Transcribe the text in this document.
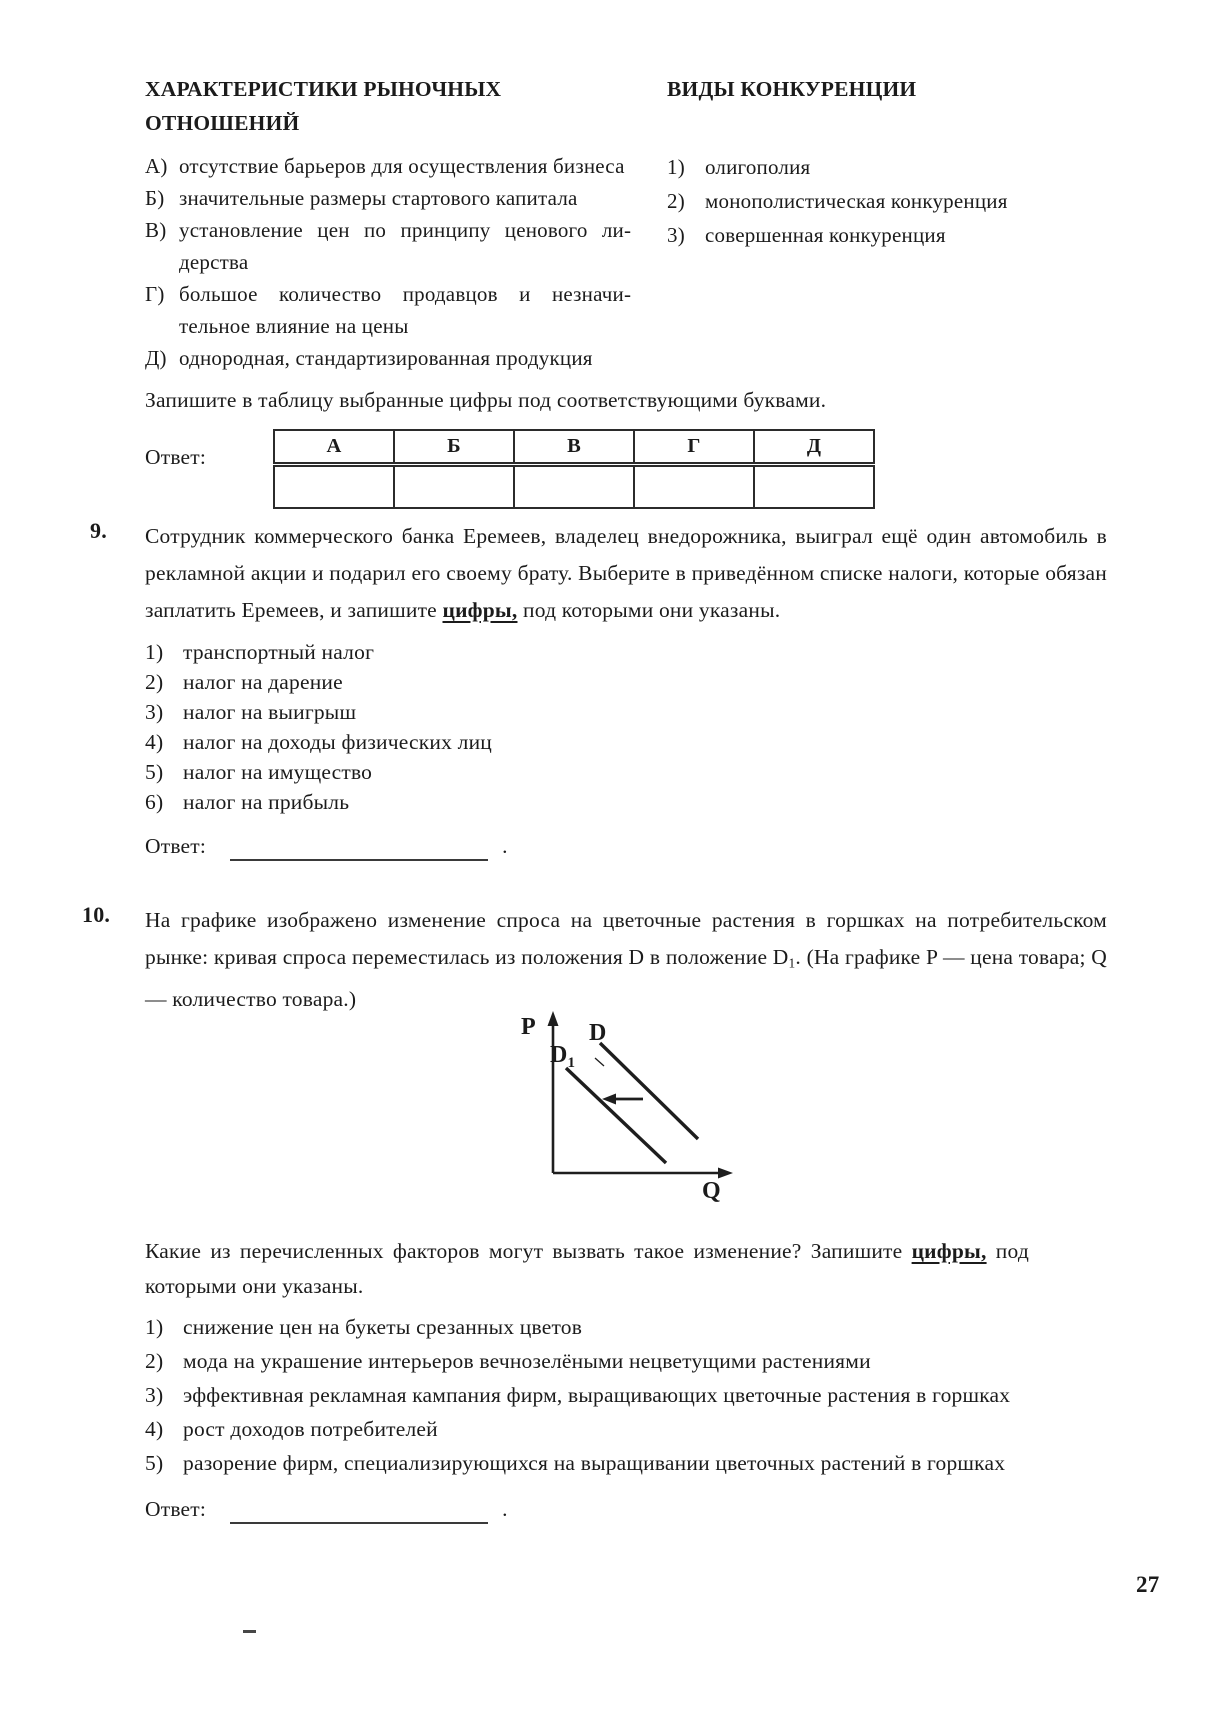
ХАРАКТЕРИСТИКИ РЫНОЧНЫХ ОТНОШЕНИЙ
А) отсутствие барьеров для осуществления бизнеса
Б) значительные размеры стартового капитала
В) установление цен по принципу ценового лидерства
Г) большое количество продавцов и незначительное влияние на цены
Д) однородная, стандартизированная продукция
ВИДЫ КОНКУРЕНЦИИ
1) олигополия
2) монополистическая конкуренция
3) совершенная конкуренция

Запишите в таблицу выбранные цифры под соответствующими буквами.

Ответ:	А	Б	В	Г	Д

9. Сотрудник коммерческого банка Еремеев, владелец внедорожника, выиграл ещё один автомобиль в рекламной акции и подарил его своему брату. Выберите в приведённом списке налоги, которые обязан заплатить Еремеев, и запишите цифры, под которыми они указаны.

1) транспортный налог
2) налог на дарение
3) налог на выигрыш
4) налог на доходы физических лиц
5) налог на имущество
6) налог на прибыль
Ответ:	.
10. На графике изображено изменение спроса на цветочные растения в горшках на потребительском рынке: кривая спроса переместилась из положения D в положение $D_1$. (На графике P — цена товара; Q — количество товара.)

P
Q
D
$D_1$

Какие из перечисленных факторов могут вызвать такое изменение? Запишите цифры, под которыми они указаны.

1) снижение цен на букеты срезанных цветов
2) мода на украшение интерьеров вечнозелёными нецветущими растениями
3) эффективная рекламная кампания фирм, выращивающих цветочные растения в горшках
4) рост доходов потребителей
5) разорение фирм, специализирующихся на выращивании цветочных растений в горшках
Ответ:	.
27
